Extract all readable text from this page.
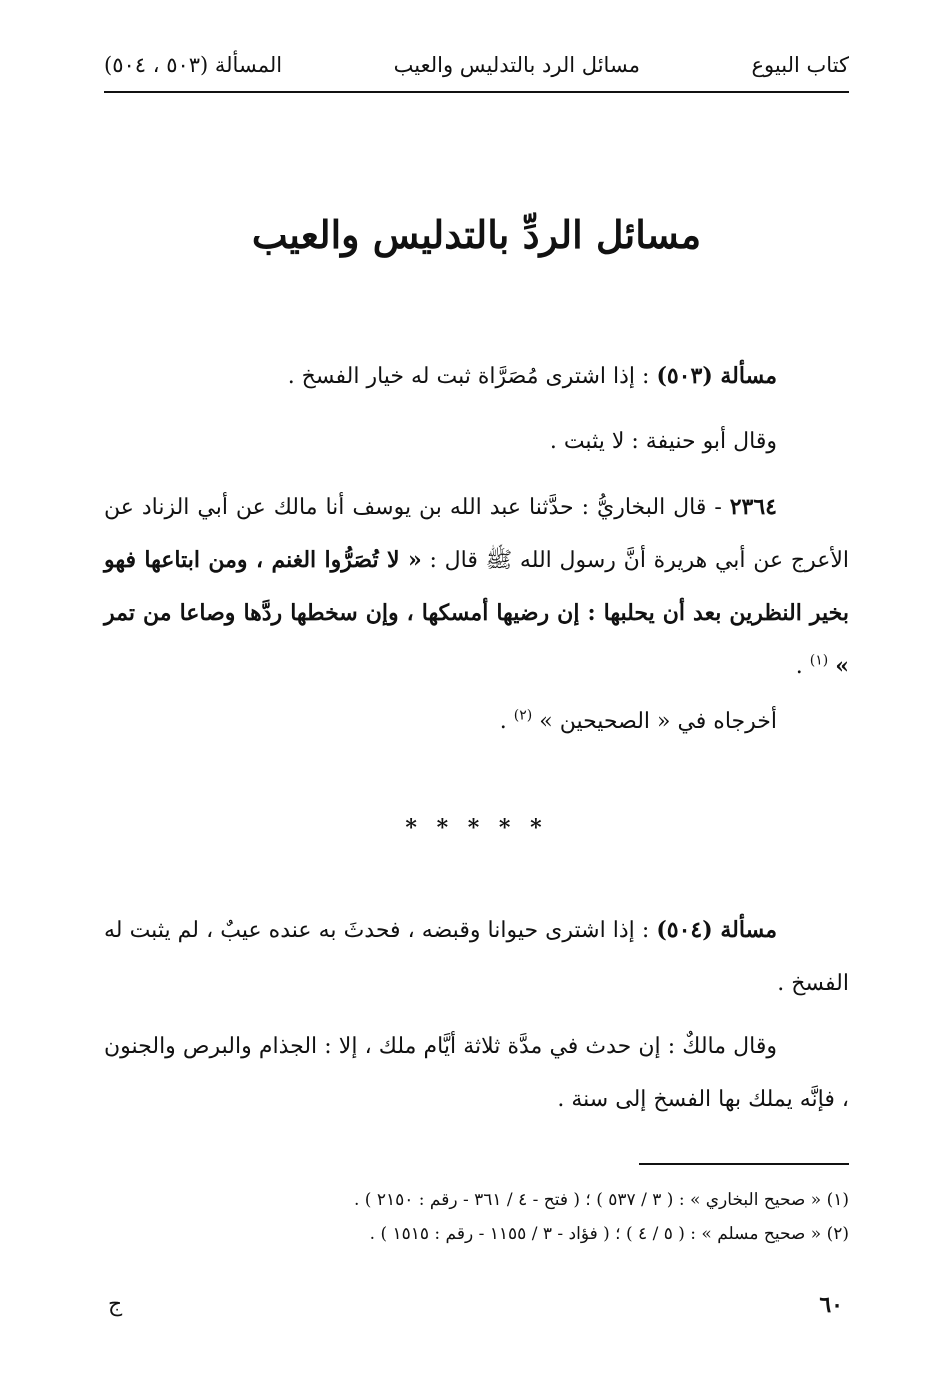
كتاب البيوع
مسائل الرد بالتدليس والعيب
المسألة (٥٠٣ ، ٥٠٤)
مسائل الردِّ بالتدليس والعيب
مسألة (٥٠٣) : إذا اشترى مُصَرَّاة ثبت له خيار الفسخ .
وقال أبو حنيفة : لا يثبت .
٢٣٦٤ - قال البخاريُّ : حدَّثنا عبد الله بن يوسف أنا مالك عن أبي الزناد عن الأعرج عن أبي هريرة أنَّ رسول الله ﷺ قال : « لا تُصَرُّوا الغنم ، ومن ابتاعها فهو بخير النظرين بعد أن يحلبها : إن رضيها أمسكها ، وإن سخطها ردَّها وصاعا من تمر » $^{(١)}$ .
أخرجاه في « الصحيحين » $^{(٢)}$ .
* * * * *
مسألة (٥٠٤) : إذا اشترى حيوانا وقبضه ، فحدثَ به عنده عيبٌ ، لم يثبت له الفسخ .
وقال مالكٌ : إن حدث في مدَّة ثلاثة أيَّام ملك ، إلا : الجذام والبرص والجنون ، فإنَّه يملك بها الفسخ إلى سنة .
(١) « صحيح البخاري » : ( ٣ / ٥٣٧ ) ؛ ( فتح - ٤ / ٣٦١ - رقم : ٢١٥٠ ) .
(٢) « صحيح مسلم » : ( ٥ / ٤ ) ؛ ( فؤاد - ٣ / ١١٥٥ - رقم : ١٥١٥ ) .
٦٠
ج
